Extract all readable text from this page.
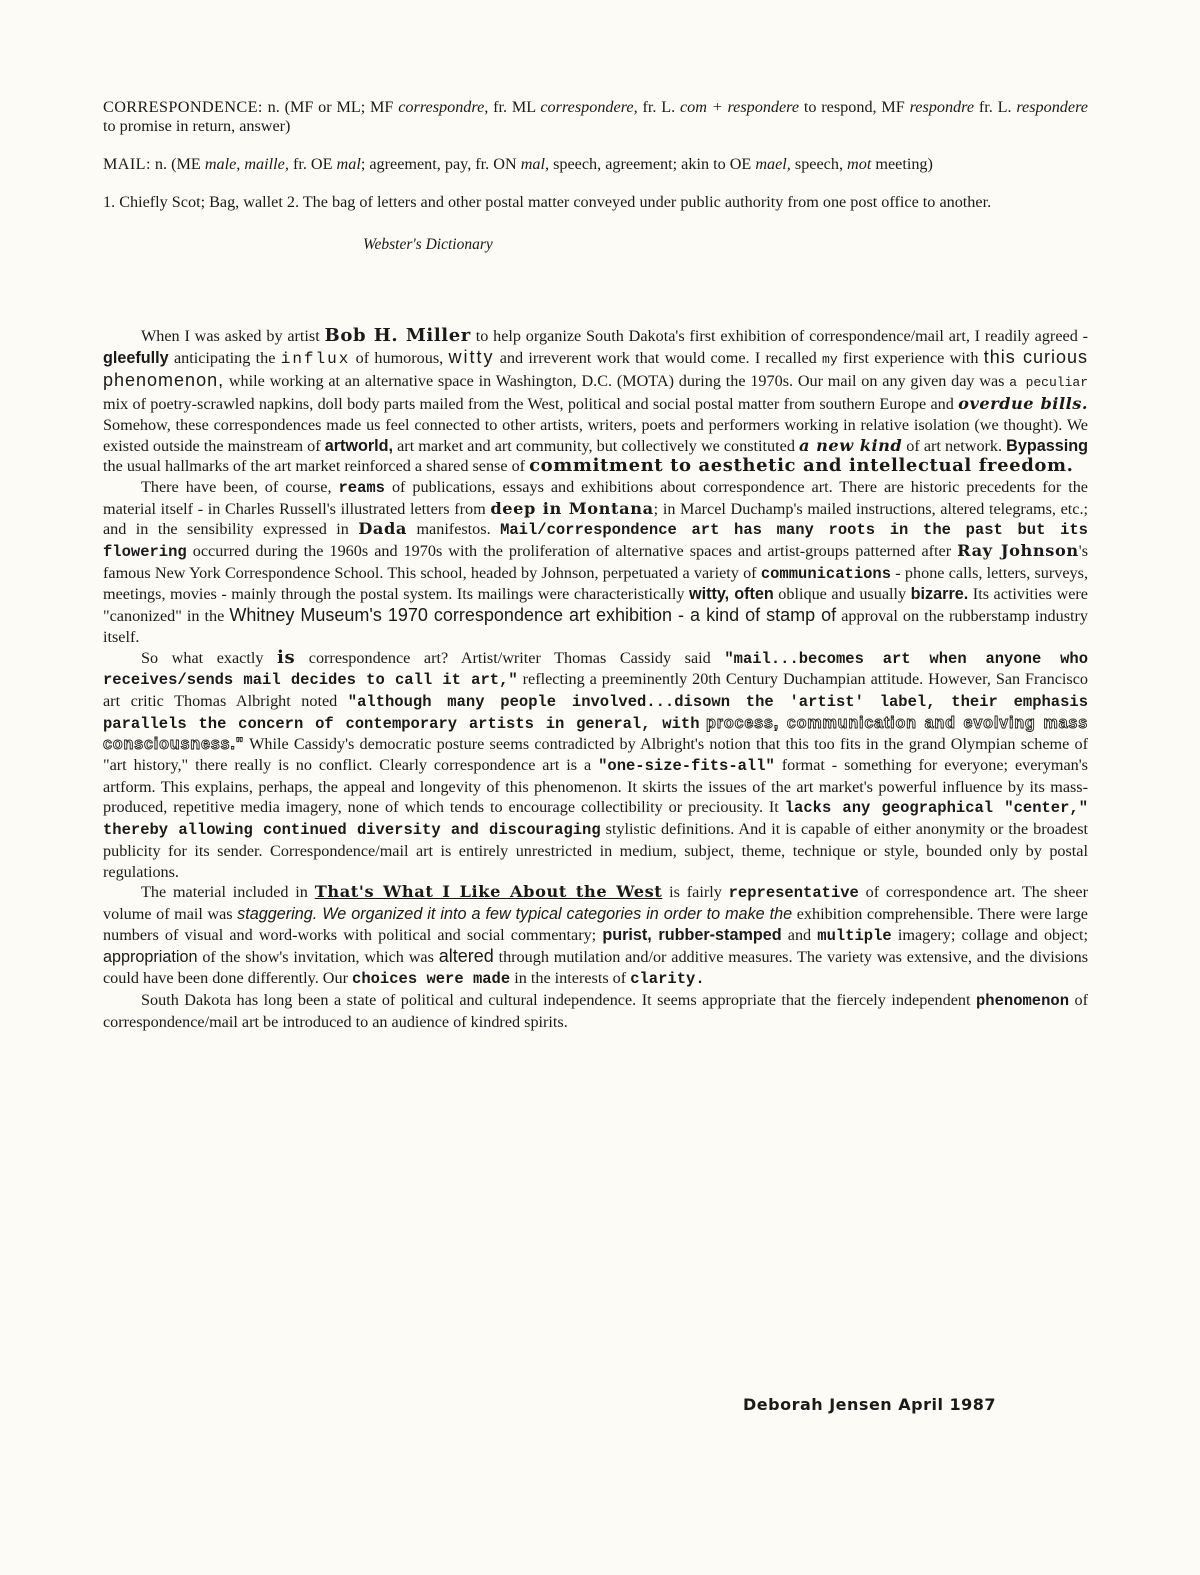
CORRESPONDENCE: n. (MF or ML; MF correspondre, fr. ML correspondere, fr. L. com + respondere to respond, MF respondre fr. L. respondere to promise in return, answer)

MAIL: n. (ME male, maille, fr. OE mal; agreement, pay, fr. ON mal, speech, agreement; akin to OE mael, speech, mot meeting)

1. Chiefly Scot; Bag, wallet 2. The bag of letters and other postal matter conveyed under public authority from one post office to another.

Webster's Dictionary

When I was asked by artist Bob H. Miller to help organize South Dakota's first exhibition of correspondence/mail art, I readily agreed - gleefully anticipating the influx of humorous, witty and irreverent work that would come. I recalled my first experience with this curious phenomenon, while working at an alternative space in Washington, D.C. (MOTA) during the 1970s. Our mail on any given day was a peculiar mix of poetry-scrawled napkins, doll body parts mailed from the West, political and social postal matter from southern Europe and overdue bills. Somehow, these correspondences made us feel connected to other artists, writers, poets and performers working in relative isolation (we thought). We existed outside the mainstream of artworld, art market and art community, but collectively we constituted a new kind of art network. Bypassing the usual hallmarks of the art market reinforced a shared sense of commitment to aesthetic and intellectual freedom.

There have been, of course, reams of publications, essays and exhibitions about correspondence art. There are historic precedents for the material itself - in Charles Russell's illustrated letters from deep in Montana; in Marcel Duchamp's mailed instructions, altered telegrams, etc.; and in the sensibility expressed in Dada manifestos. Mail/correspondence art has many roots in the past but its flowering occurred during the 1960s and 1970s with the proliferation of alternative spaces and artist-groups patterned after Ray Johnson's famous New York Correspondence School. This school, headed by Johnson, perpetuated a variety of communications - phone calls, letters, surveys, meetings, movies - mainly through the postal system. Its mailings were characteristically witty, often oblique and usually bizarre. Its activities were "canonized" in the Whitney Museum's 1970 correspondence art exhibition - a kind of stamp of approval on the rubberstamp industry itself.

So what exactly is correspondence art? Artist/writer Thomas Cassidy said "mail...becomes art when anyone who receives/sends mail decides to call it art," reflecting a preeminently 20th Century Duchampian attitude. However, San Francisco art critic Thomas Albright noted "although many people involved...disown the 'artist' label, their emphasis parallels the concern of contemporary artists in general, with process, communication and evolving mass consciousness." While Cassidy's democratic posture seems contradicted by Albright's notion that this too fits in the grand Olympian scheme of "art history," there really is no conflict. Clearly correspondence art is a "one-size-fits-all" format - something for everyone; everyman's artform. This explains, perhaps, the appeal and longevity of this phenomenon. It skirts the issues of the art market's powerful influence by its mass-produced, repetitive media imagery, none of which tends to encourage collectibility or preciousity. It lacks any geographical "center," thereby allowing continued diversity and discouraging stylistic definitions. And it is capable of either anonymity or the broadest publicity for its sender. Correspondence/mail art is entirely unrestricted in medium, subject, theme, technique or style, bounded only by postal regulations.

The material included in That's What I Like About the West is fairly representative of correspondence art. The sheer volume of mail was staggering. We organized it into a few typical categories in order to make the exhibition comprehensible. There were large numbers of visual and word-works with political and social commentary; purist, rubber-stamped and multiple imagery; collage and object; appropriation of the show's invitation, which was altered through mutilation and/or additive measures. The variety was extensive, and the divisions could have been done differently. Our choices were made in the interests of clarity.

South Dakota has long been a state of political and cultural independence. It seems appropriate that the fiercely independent phenomenon of correspondence/mail art be introduced to an audience of kindred spirits.

Deborah Jensen April 1987
